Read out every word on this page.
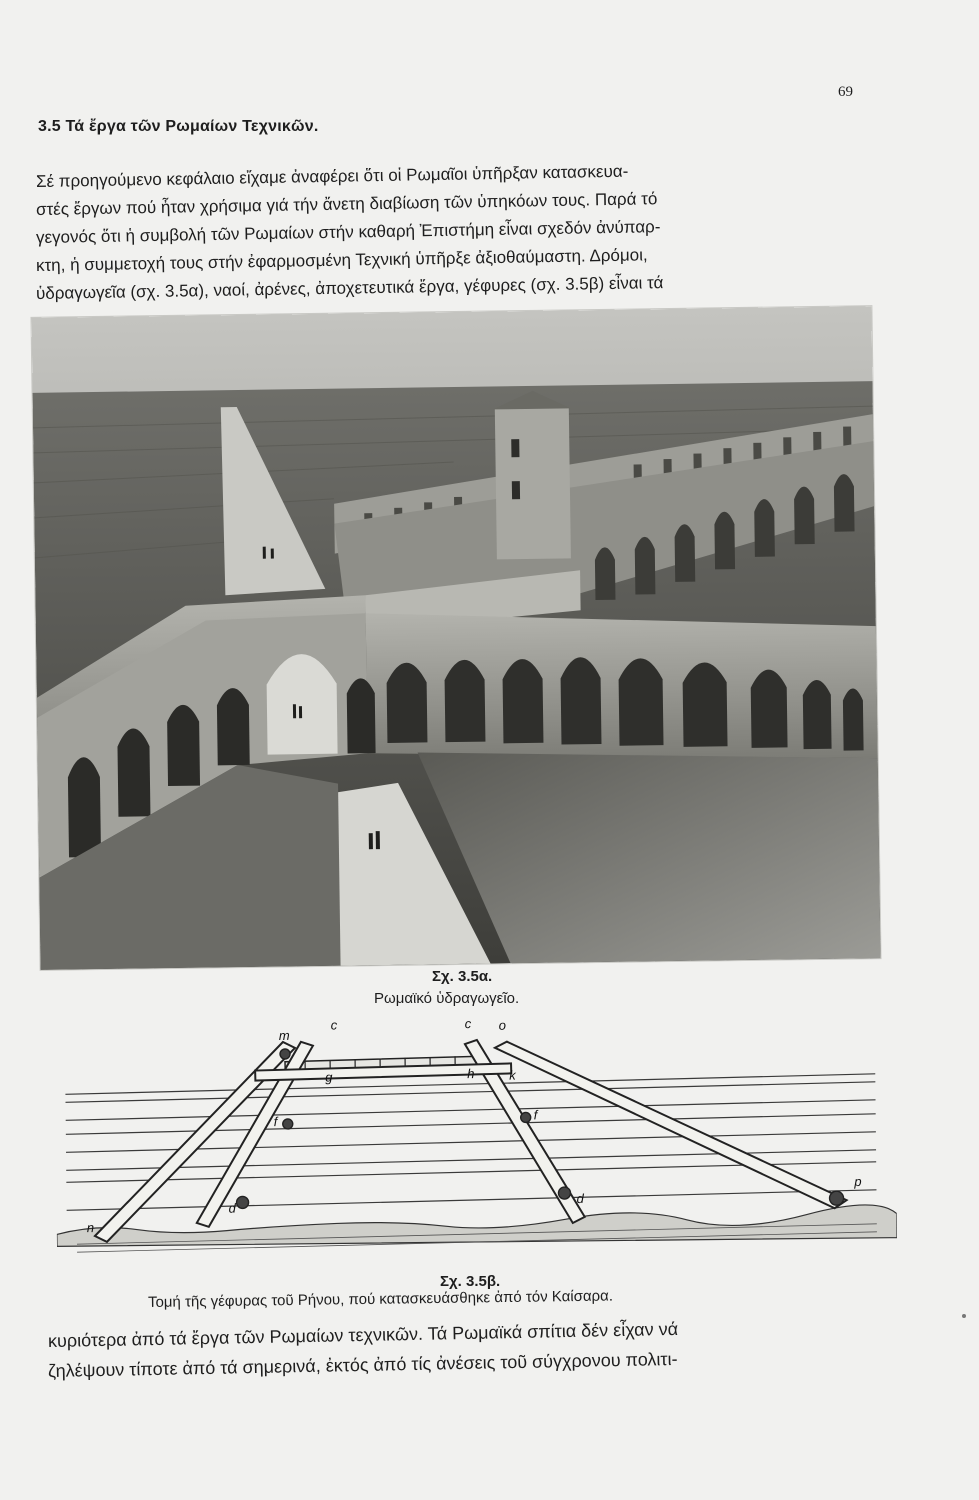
69
3.5 Τά ἔργα τῶν Ρωμαίων Τεχνικῶν.
Σέ προηγούμενο κεφάλαιο εἴχαμε ἀναφέρει ὅτι οἱ Ρωμαῖοι ὑπῆρξαν κατασκευα-
στές ἔργων πού ἦταν χρήσιμα γιά τήν ἄνετη διαβίωση τῶν ὑπηκόων τους. Παρά τό
γεγονός ὅτι ἡ συμβολή τῶν Ρωμαίων στήν καθαρή Ἐπιστήμη εἶναι σχεδόν ἀνύπαρ-
κτη, ἡ συμμετοχή τους στήν ἐφαρμοσμένη Τεχνική ὑπῆρξε ἀξιοθαύμαστη. Δρόμοι,
ὑδραγωγεῖα (σχ. 3.5α), ναοί, ἀρένες, ἀποχετευτικά ἔργα, γέφυρες (σχ. 3.5β) εἶναι τά
Σχ. 3.5α.
Ρωμαϊκό ὑδραγωγεῖο.
m
c	c o
g	h	k
f	f
d
d
n
p
Σχ. 3.5β.
Τομή τῆς γέφυρας τοῦ Ρήνου, πού κατασκευάσθηκε ἀπό τόν Καίσαρα.
κυριότερα ἀπό τά ἔργα τῶν Ρωμαίων τεχνικῶν. Τά Ρωμαϊκά σπίτια δέν εἶχαν νά
ζηλέψουν τίποτε ἀπό τά σημερινά, ἐκτός ἀπό τίς ἀνέσεις τοῦ σύγχρονου πολιτι-
